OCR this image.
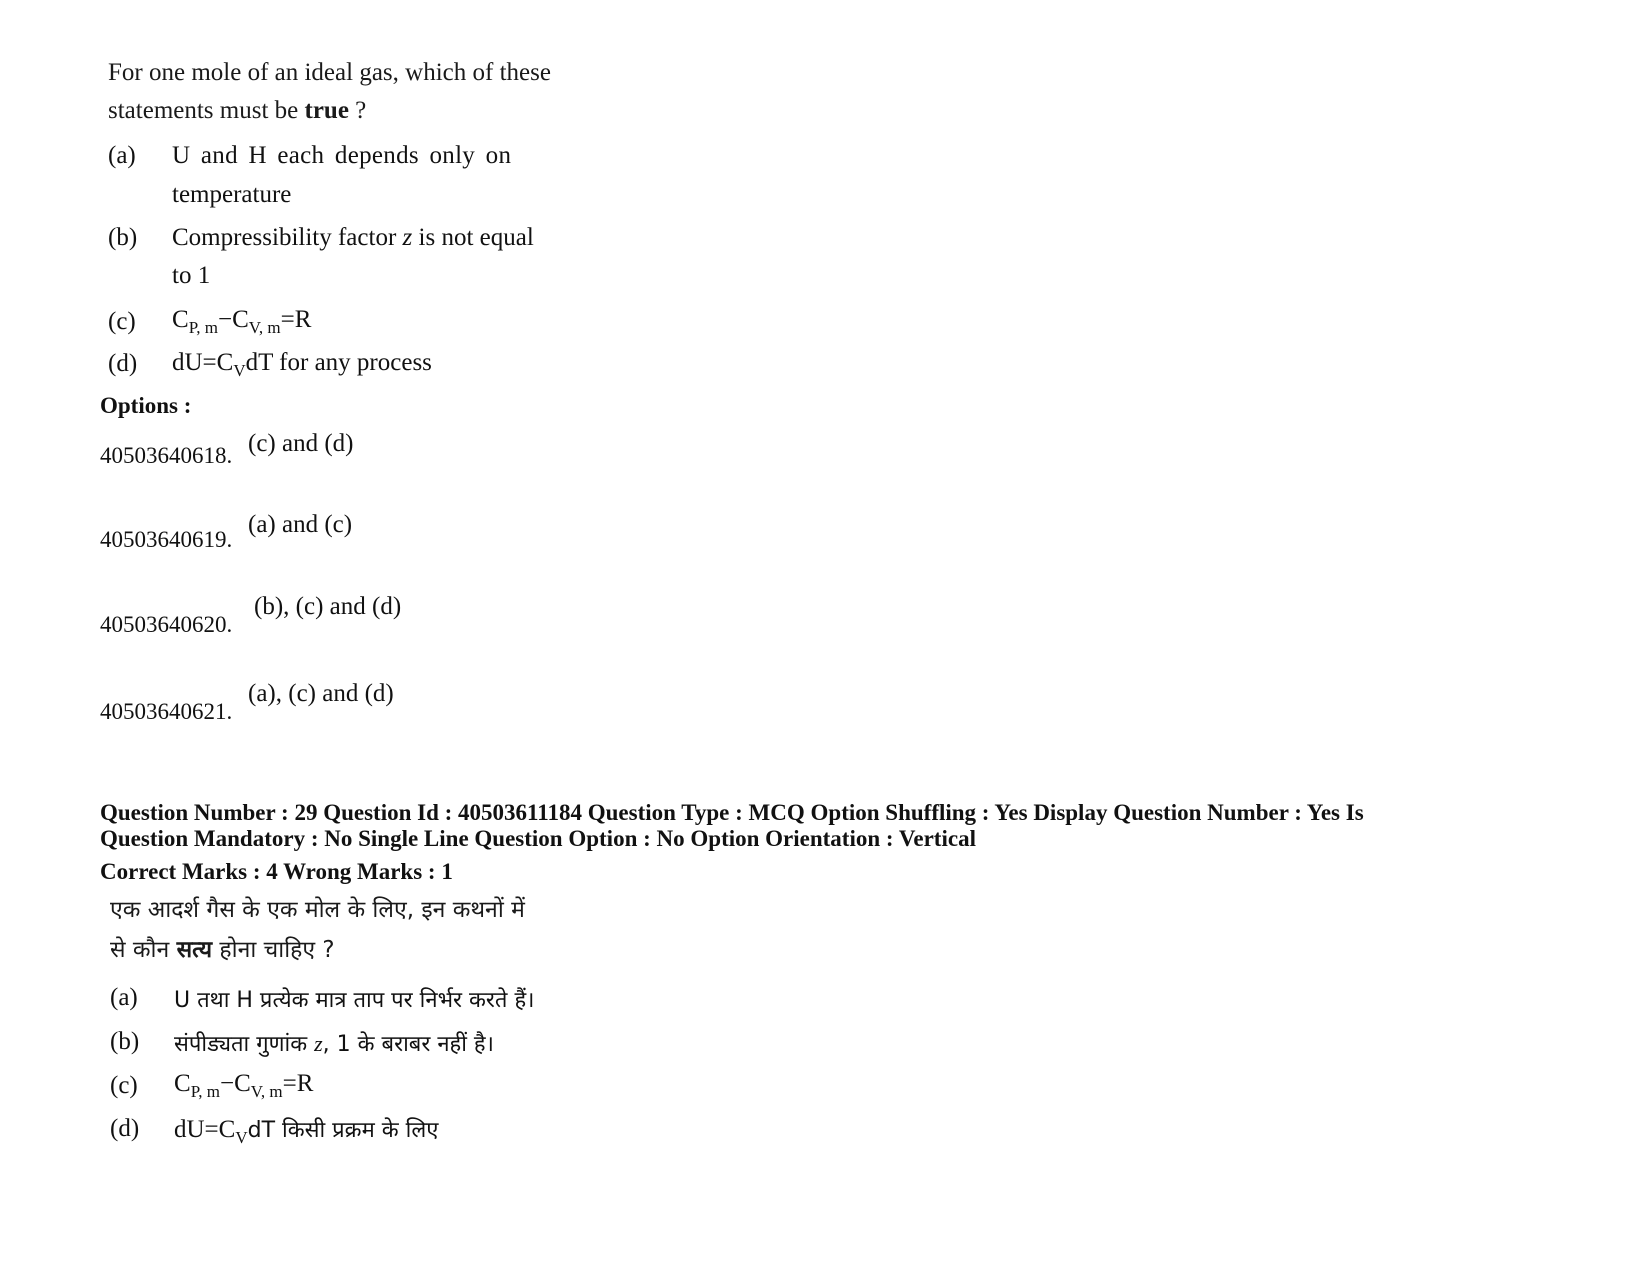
For one mole of an ideal gas, which of these
statements must be true ?
(a) U and H each depends only on
temperature
(b) Compressibility factor z is not equal
to 1
(c) $C_{P, m}-C_{V, m}=R$
(d) $dU=C_VdT$ for any process
Options :
40503640618. (c) and (d)
40503640619.
(a) and (c)
40503640620.
(b), (c) and (d)
40503640621.
(a), (c) and (d)
Question Number : 29 Question Id : 40503611184 Question Type : MCQ Option Shuffling : Yes Display Question Number : Yes Is
Question Mandatory : No Single Line Question Option : No Option Orientation : Vertical
Correct Marks : 4 Wrong Marks : 1
एक आदर्श गैस के एक मोल के लिए, इन कथनों में
से कौन सत्य होना चाहिए ?
(a) U तथा H प्रत्येक मात्र ताप पर निर्भर करते हैं।
(b) संपीड्यता गुणांक z, 1 के बराबर नहीं है।
(c) $C_{P, m}-C_{V, m}=R$
(d) $dU=C_VdT$ किसी प्रक्रम के लिए
